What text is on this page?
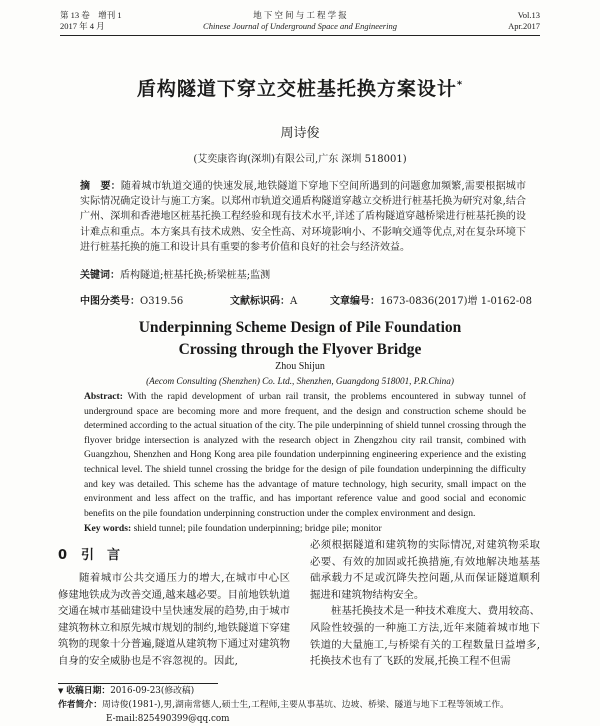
第 13 卷　增刊 1
2017 年 4 月
地 下 空 间 与 工 程 学 报
Chinese Journal of Underground Space and Engineering
Vol.13
Apr.2017
盾构隧道下穿立交桩基托换方案设计*
周诗俊
(艾奕康咨询(深圳)有限公司,广东 深圳 518001)
摘　要：随着城市轨道交通的快速发展,地铁隧道下穿地下空间所遇到的问题愈加频繁,需要根据城市实际情况确定设计与施工方案。以郑州市轨道交通盾构隧道穿越立交桥进行桩基托换为研究对象,结合广州、深圳和香港地区桩基托换工程经验和现有技术水平,详述了盾构隧道穿越桥梁进行桩基托换的设计难点和重点。本方案具有技术成熟、安全性高、对环境影响小、不影响交通等优点,对在复杂环境下进行桩基托换的施工和设计具有重要的参考价值和良好的社会与经济效益。
关键词：盾构隧道;桩基托换;桥梁桩基;监测
中图分类号：O319.56	文献标识码：A	文章编号：1673-0836(2017)增 1-0162-08
Underpinning Scheme Design of Pile Foundation
Crossing through the Flyover Bridge
Zhou Shijun
(Aecom Consulting (Shenzhen) Co. Ltd., Shenzhen, Guangdong 518001, P.R.China)
Abstract: With the rapid development of urban rail transit, the problems encountered in subway tunnel of underground space are becoming more and more frequent, and the design and construction scheme should be determined according to the actual situation of the city. The pile underpinning of shield tunnel crossing through the flyover bridge intersection is analyzed with the research object in Zhengzhou city rail transit, combined with Guangzhou, Shenzhen and Hong Kong area pile foundation underpinning engineering experience and the existing technical level. The shield tunnel crossing the bridge for the design of pile foundation underpinning the difficulty and key was detailed. This scheme has the advantage of mature technology, high security, small impact on the environment and less affect on the traffic, and has important reference value and good social and economic benefits on the pile foundation underpinning construction under the complex environment and design.
Key words: shield tunnel; pile foundation underpinning; bridge pile; monitor
0 引　言
随着城市公共交通压力的增大,在城市中心区修建地铁成为改善交通,越来越必要。目前地铁轨道交通在城市基础建设中呈快速发展的趋势,由于城市建筑物林立和原先城市规划的制约,地铁隧道下穿建筑物的现象十分普遍,隧道从建筑物下通过对建筑物自身的安全威胁也是不容忽视的。因此,
必须根据隧道和建筑物的实际情况,对建筑物采取必要、有效的加固或托换措施,有效地解决地基基础承载力不足或沉降失控问题,从而保证隧道顺利掘进和建筑物结构安全。
桩基托换技术是一种技术难度大、费用较高、风险性较强的一种施工方法,近年来随着城市地下铁道的大量施工,与桥梁有关的工程数量日益增多,托换技术也有了飞跃的发展,托换工程不但需
▼ 收稿日期：2016-09-23(修改稿)
作者简介：周诗俊(1981-),男,湖南常德人,硕士生,工程师,主要从事基坑、边坡、桥梁、隧道与地下工程等领域工作。
E-mail:825490399@qq.com
